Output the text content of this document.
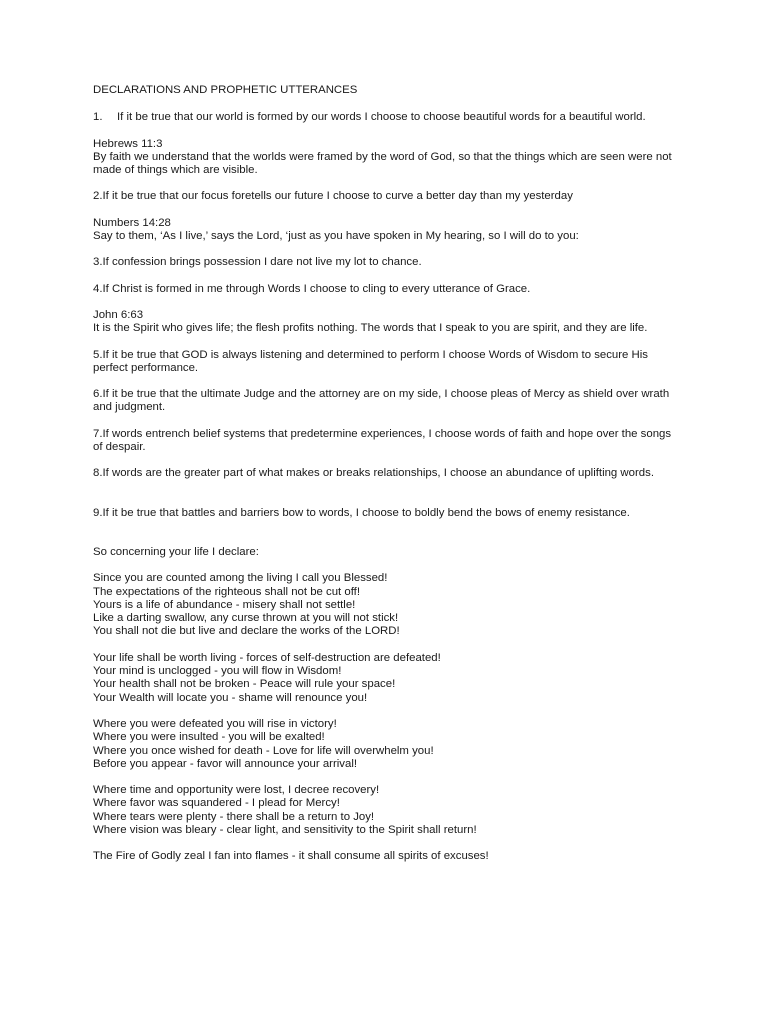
DECLARATIONS AND PROPHETIC UTTERANCES
1. If it be true that our world is formed by our words I choose to choose beautiful words for a beautiful world.
Hebrews 11:3
By faith we understand that the worlds were framed by the word of God, so that the things which are seen were not made of things which are visible.
2.If it be true that our focus foretells our future I choose to curve a better day than my yesterday
Numbers 14:28
Say to them, ‘As I live,’ says the Lord, ‘just as you have spoken in My hearing, so I will do to you:
3.If confession brings possession I dare not live my lot to chance.
4.If Christ is formed in me through Words I choose to cling to every utterance of Grace.
John 6:63
It is the Spirit who gives life; the flesh profits nothing. The words that I speak to you are spirit, and they are life.
5.If it be true that GOD is always listening and determined to perform I choose Words of Wisdom to secure His perfect performance.
6.If it be true that the ultimate Judge and the attorney are on my side, I choose pleas of Mercy as shield over wrath and judgment.
7.If words entrench belief systems that predetermine experiences, I choose words of faith and hope over the songs of despair.
8.If words are the greater part of what makes or breaks relationships, I choose an abundance of uplifting words.
9.If it be true that battles and barriers bow to words, I choose to boldly bend the bows of enemy resistance.
So concerning your life I declare:
Since you are counted among the living I call you Blessed!
The expectations of the righteous shall not be cut off!
Yours is a life of abundance - misery shall not settle!
Like a darting swallow, any curse thrown at you will not stick!
You shall not die but live and declare the works of the LORD!
Your life shall be worth living - forces of self-destruction are defeated!
Your mind is unclogged - you will flow in Wisdom!
Your health shall not be broken - Peace will rule your space!
Your Wealth will locate you - shame will renounce you!
Where you were defeated you will rise in victory!
Where you were insulted - you will be exalted!
Where you once wished for death - Love for life will overwhelm you!
Before you appear - favor will announce your arrival!
Where time and opportunity were lost, I decree recovery!
Where favor was squandered - I plead for Mercy!
Where tears were plenty - there shall be a return to Joy!
Where vision was bleary - clear light, and sensitivity to the Spirit shall return!
The Fire of Godly zeal I fan into flames - it shall consume all spirits of excuses!
